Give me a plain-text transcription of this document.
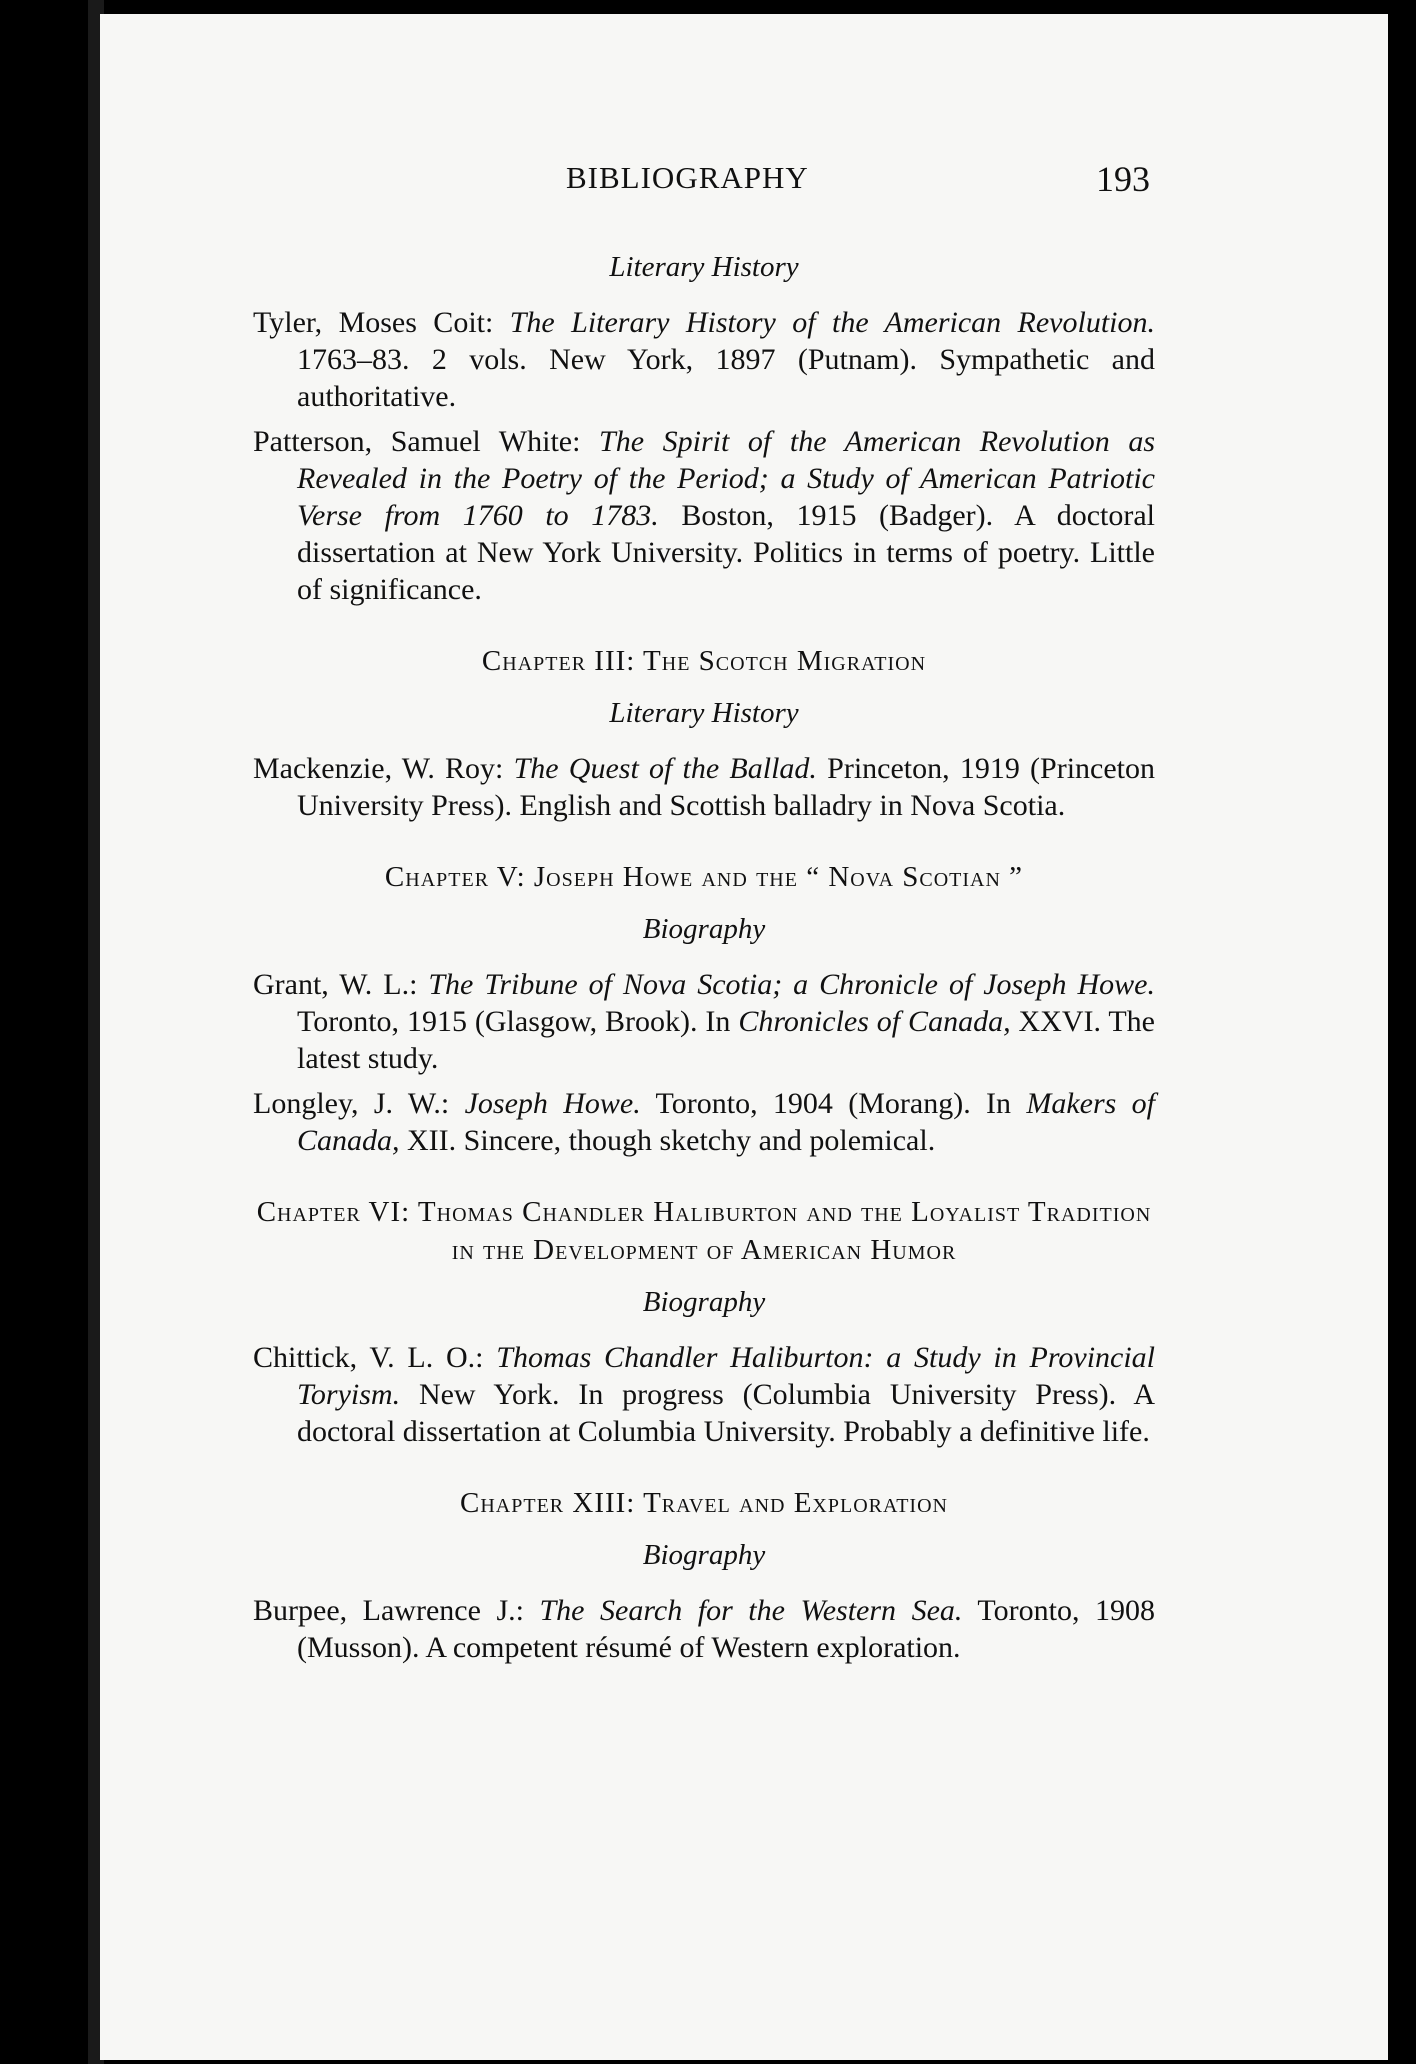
BIBLIOGRAPHY	193
Literary History

Tyler, Moses Coit: The Literary History of the American Revolution. 1763–83. 2 vols. New York, 1897 (Putnam). Sympathetic and authoritative.

Patterson, Samuel White: The Spirit of the American Revolution as Revealed in the Poetry of the Period; a Study of American Patriotic Verse from 1760 to 1783. Boston, 1915 (Badger). A doctoral dissertation at New York University. Politics in terms of poetry. Little of significance.

Chapter III: The Scotch Migration
Literary History

Mackenzie, W. Roy: The Quest of the Ballad. Princeton, 1919 (Princeton University Press). English and Scottish balladry in Nova Scotia.

Chapter V: Joseph Howe and the “ Nova Scotian ”
Biography

Grant, W. L.: The Tribune of Nova Scotia; a Chronicle of Joseph Howe. Toronto, 1915 (Glasgow, Brook). In Chronicles of Canada, XXVI. The latest study.

Longley, J. W.: Joseph Howe. Toronto, 1904 (Morang). In Makers of Canada, XII. Sincere, though sketchy and polemical.

Chapter VI: Thomas Chandler Haliburton and the Loyalist Tradition in the Development of American Humor
Biography

Chittick, V. L. O.: Thomas Chandler Haliburton: a Study in Provincial Toryism. New York. In progress (Columbia University Press). A doctoral dissertation at Columbia University. Probably a definitive life.

Chapter XIII: Travel and Exploration
Biography

Burpee, Lawrence J.: The Search for the Western Sea. Toronto, 1908 (Musson). A competent résumé of Western exploration.
